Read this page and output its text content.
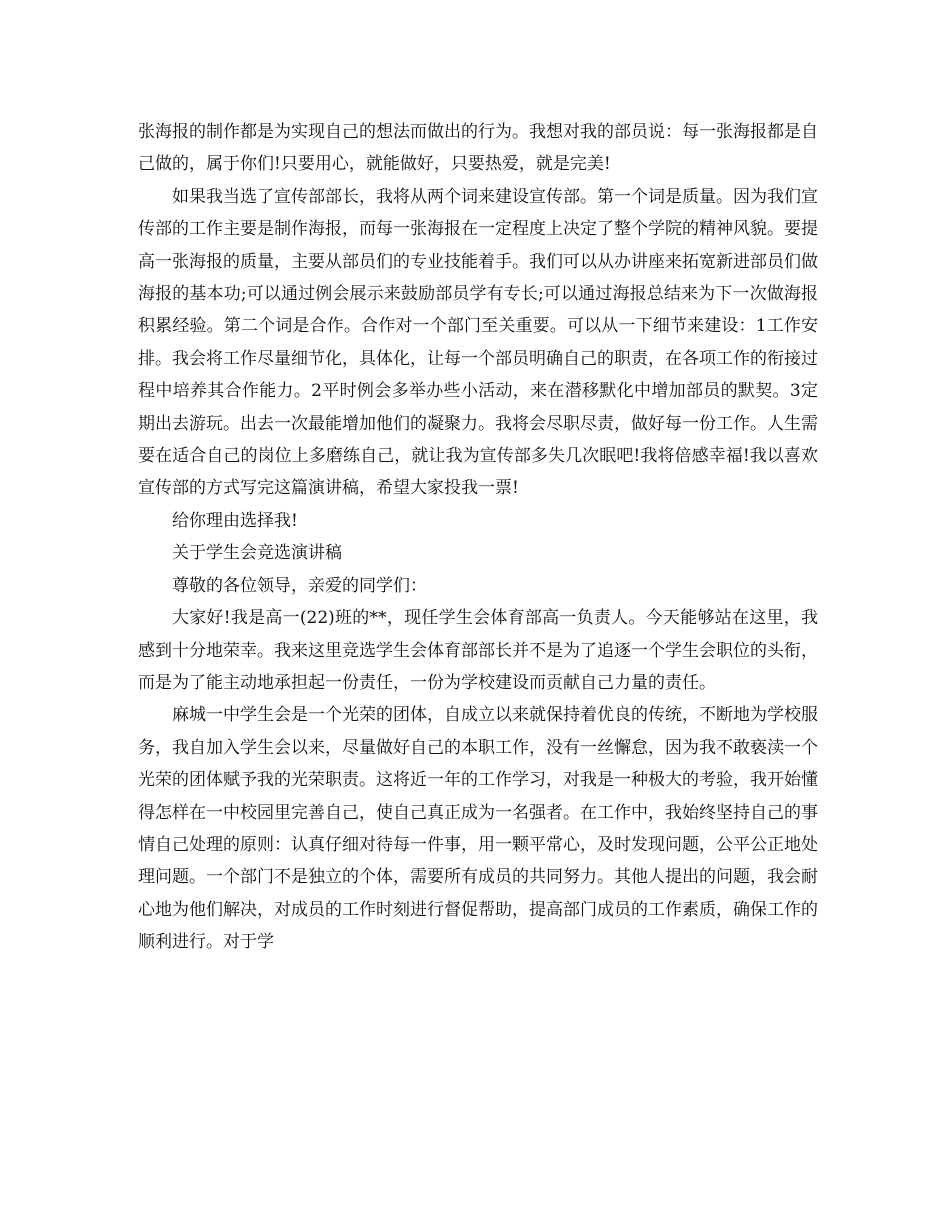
张海报的制作都是为实现自己的想法而做出的行为。我想对我的部员说：每一张海报都是自己做的，属于你们!只要用心，就能做好，只要热爱，就是完美!

如果我当选了宣传部部长，我将从两个词来建设宣传部。第一个词是质量。因为我们宣传部的工作主要是制作海报，而每一张海报在一定程度上决定了整个学院的精神风貌。要提高一张海报的质量，主要从部员们的专业技能着手。我们可以从办讲座来拓宽新进部员们做海报的基本功;可以通过例会展示来鼓励部员学有专长;可以通过海报总结来为下一次做海报积累经验。第二个词是合作。合作对一个部门至关重要。可以从一下细节来建设：1工作安排。我会将工作尽量细节化，具体化，让每一个部员明确自己的职责，在各项工作的衔接过程中培养其合作能力。2平时例会多举办些小活动，来在潜移默化中增加部员的默契。3定期出去游玩。出去一次最能增加他们的凝聚力。我将会尽职尽责，做好每一份工作。人生需要在适合自己的岗位上多磨练自己，就让我为宣传部多失几次眠吧!我将倍感幸福!我以喜欢宣传部的方式写完这篇演讲稿，希望大家投我一票!

给你理由选择我!

关于学生会竞选演讲稿

尊敬的各位领导，亲爱的同学们：

大家好!我是高一(22)班的**，现任学生会体育部高一负责人。今天能够站在这里，我感到十分地荣幸。我来这里竞选学生会体育部部长并不是为了追逐一个学生会职位的头衔，而是为了能主动地承担起一份责任，一份为学校建设而贡献自己力量的责任。

麻城一中学生会是一个光荣的团体，自成立以来就保持着优良的传统，不断地为学校服务，我自加入学生会以来，尽量做好自己的本职工作，没有一丝懈怠，因为我不敢亵渎一个光荣的团体赋予我的光荣职责。这将近一年的工作学习，对我是一种极大的考验，我开始懂得怎样在一中校园里完善自己，使自己真正成为一名强者。在工作中，我始终坚持自己的事情自己处理的原则：认真仔细对待每一件事，用一颗平常心，及时发现问题，公平公正地处理问题。一个部门不是独立的个体，需要所有成员的共同努力。其他人提出的问题，我会耐心地为他们解决，对成员的工作时刻进行督促帮助，提高部门成员的工作素质，确保工作的顺利进行。对于学
